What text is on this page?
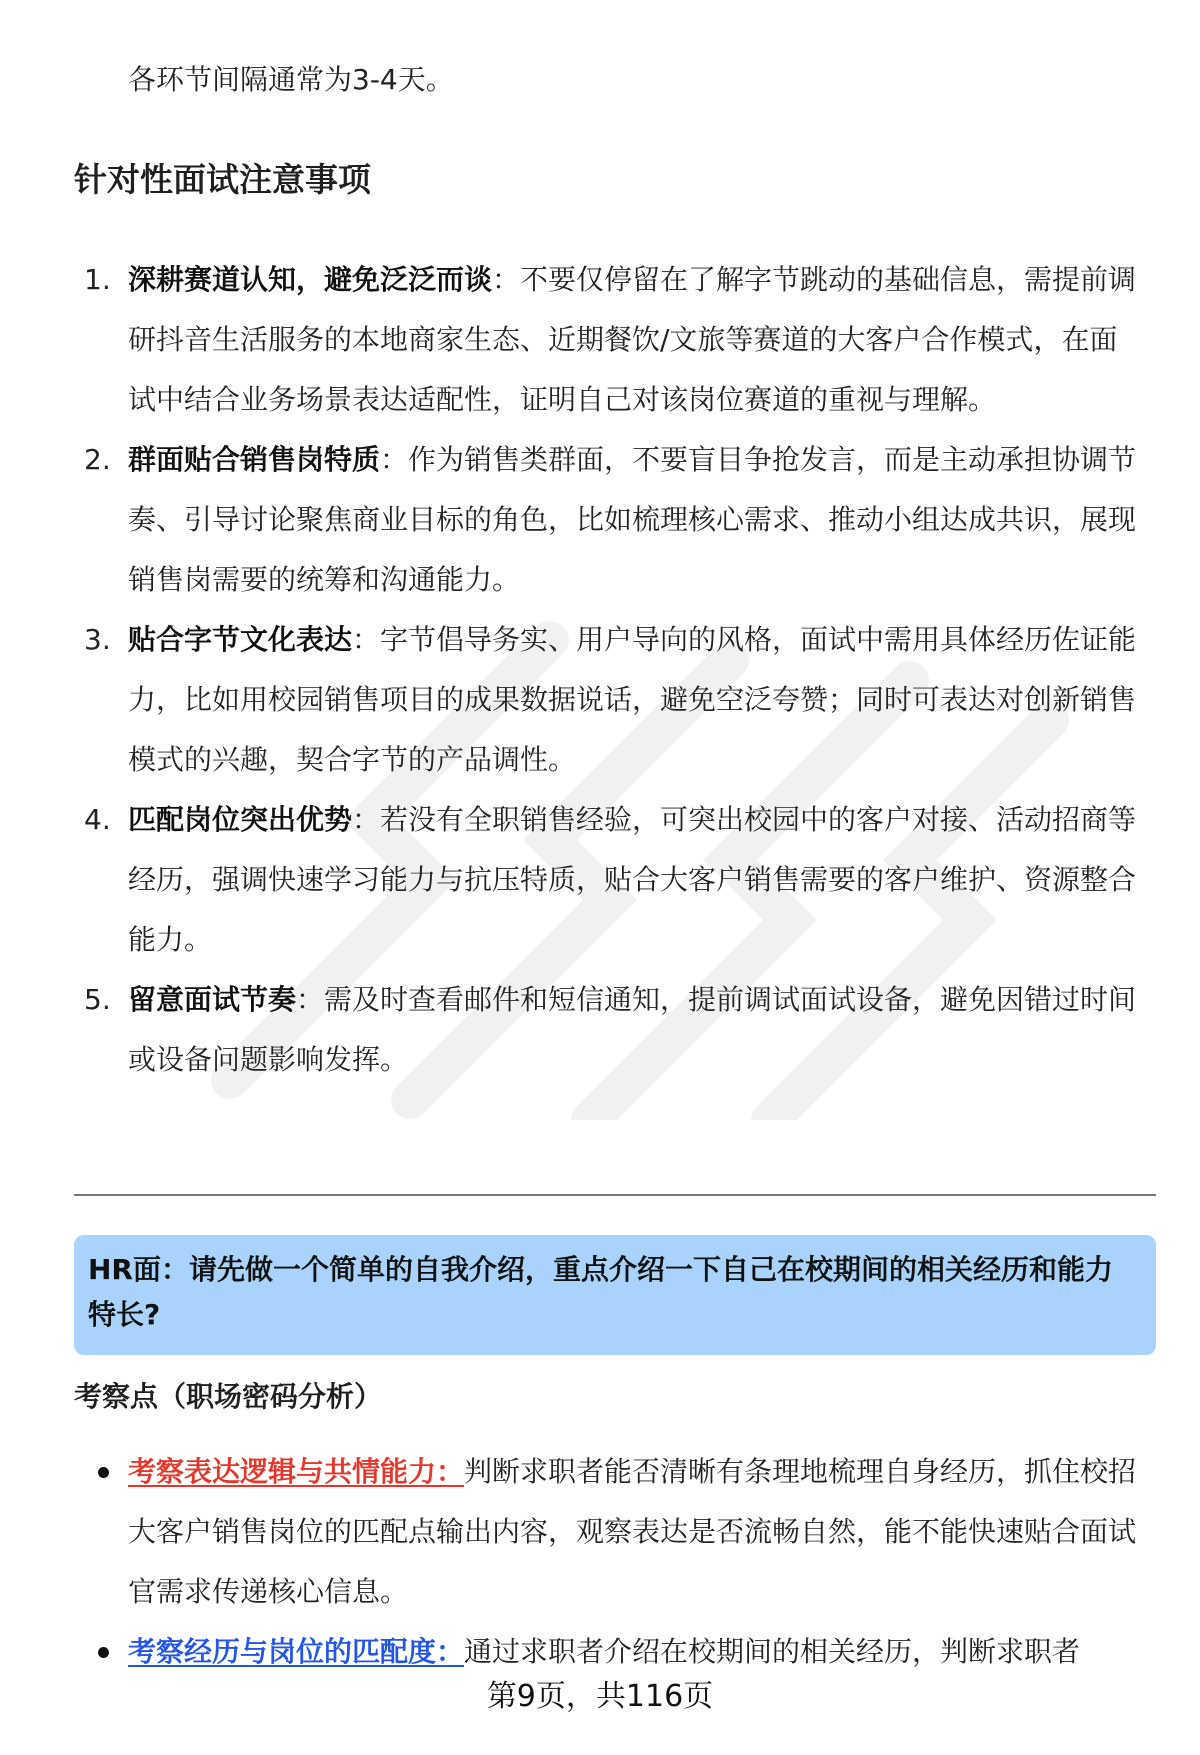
各环节间隔通常为3-4天。
针对性面试注意事项
1. 深耕赛道认知，避免泛泛而谈：不要仅停留在了解字节跳动的基础信息，需提前调研抖音生活服务的本地商家生态、近期餐饮/文旅等赛道的大客户合作模式，在面试中结合业务场景表达适配性，证明自己对该岗位赛道的重视与理解。
2. 群面贴合销售岗特质：作为销售类群面，不要盲目争抢发言，而是主动承担协调节奏、引导讨论聚焦商业目标的角色，比如梳理核心需求、推动小组达成共识，展现销售岗需要的统筹和沟通能力。
3. 贴合字节文化表达：字节倡导务实、用户导向的风格，面试中需用具体经历佐证能力，比如用校园销售项目的成果数据说话，避免空泛夸赞；同时可表达对创新销售模式的兴趣，契合字节的产品调性。
4. 匹配岗位突出优势：若没有全职销售经验，可突出校园中的客户对接、活动招商等经历，强调快速学习能力与抗压特质，贴合大客户销售需要的客户维护、资源整合能力。
5. 留意面试节奏：需及时查看邮件和短信通知，提前调试面试设备，避免因错过时间或设备问题影响发挥。
HR面：请先做一个简单的自我介绍，重点介绍一下自己在校期间的相关经历和能力特长?
考察点（职场密码分析）
考察表达逻辑与共情能力：判断求职者能否清晰有条理地梳理自身经历，抓住校招大客户销售岗位的匹配点输出内容，观察表达是否流畅自然，能不能快速贴合面试官需求传递核心信息。
考察经历与岗位的匹配度：通过求职者介绍在校期间的相关经历，判断求职者
第9页，共116页
